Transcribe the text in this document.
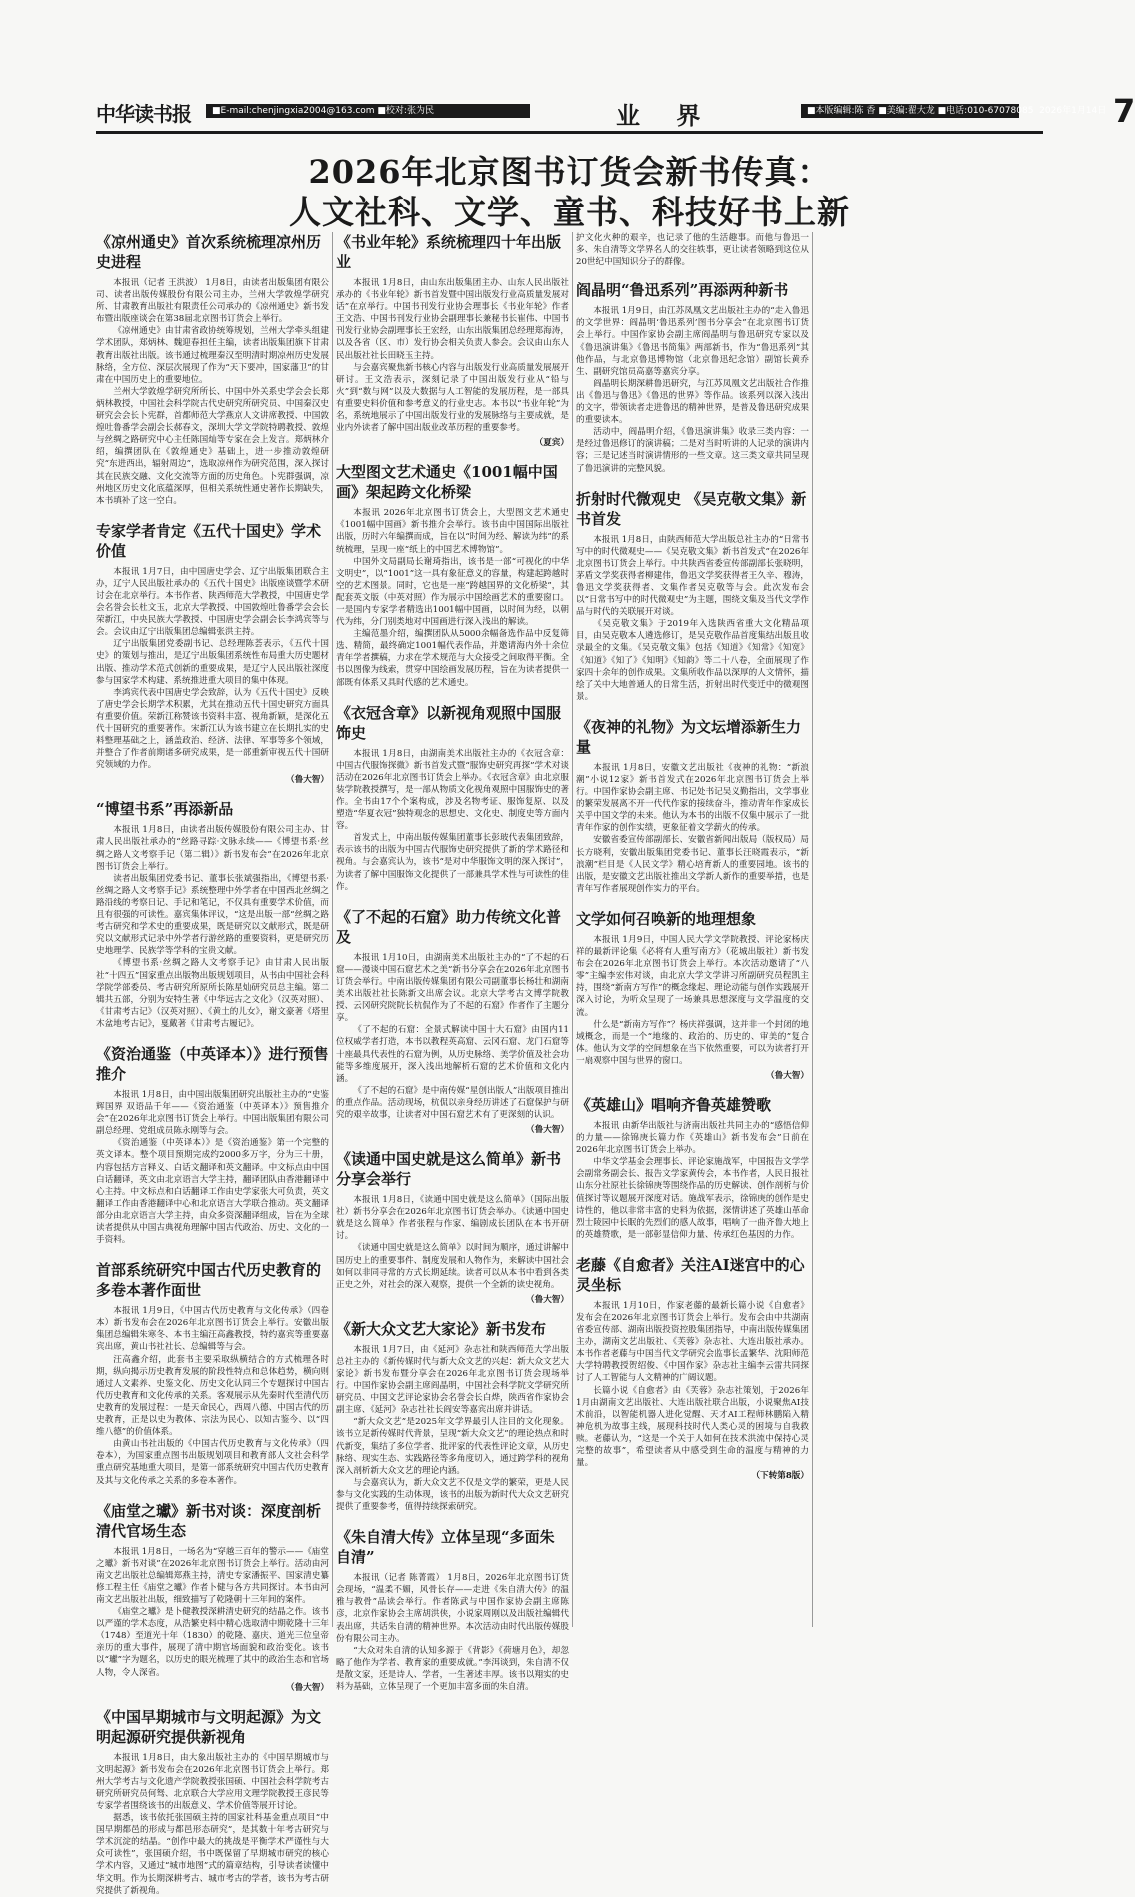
中华读书报	■E-mail:chenjingxia2004@163.com ■校对:张为民	业 界	■本版编辑:陈 香 ■美编:翟大龙 ■电话:010-67078085 2026年1月14日 7
2026年北京图书订货会新书传真：
人文社科、文学、童书、科技好书上新
《凉州通史》首次系统梳理凉州历史进程

本报讯（记者 王洪波） 1月8日，由读者出版集团有限公司、读者出版传媒股份有限公司主办，兰州大学敦煌学研究所、甘肃教育出版社有限责任公司承办的《凉州通史》新书发布暨出版座谈会在第38届北京图书订货会上举行。

《凉州通史》由甘肃省政协统筹规划，兰州大学牵头组建学术团队，郑炳林、魏迎春担任主编，读者出版集团旗下甘肃教育出版社出版。该书通过梳理秦汉至明清时期凉州历史发展脉络，全方位、深层次展现了作为“天下要冲，国家藩卫”的甘肃在中国历史上的重要地位。

兰州大学敦煌学研究所所长、中国中外关系史学会会长郑炳林教授，中国社会科学院古代史研究所研究员、中国秦汉史研究会会长卜宪群，首都师范大学燕京人文讲席教授、中国敦煌吐鲁番学会副会长郝春文，深圳大学文学院特聘教授、敦煌与丝绸之路研究中心主任陈国灿等专家在会上发言。郑炳林介绍，编撰团队在《敦煌通史》基础上，进一步推动敦煌研究“东进西出，辐射周边”，选取凉州作为研究范围，深入探讨其在民族交融、文化交流等方面的历史角色。卜宪群强调，凉州地区历史文化底蕴深厚，但相关系统性通史著作长期缺失，本书填补了这一空白。

专家学者肯定《五代十国史》学术价值

本报讯 1月7日，由中国唐史学会、辽宁出版集团联合主办，辽宁人民出版社承办的《五代十国史》出版座谈暨学术研讨会在北京举行。本书作者、陕西师范大学教授，中国唐史学会名誉会长杜文玉，北京大学教授、中国敦煌吐鲁番学会会长荣新江，中央民族大学教授、中国唐史学会副会长李鸿宾等与会。会议由辽宁出版集团总编辑张洪主持。

辽宁出版集团党委副书记、总经理陈荟表示，《五代十国史》的策划与推出，是辽宁出版集团系统性布局重大历史题材出版、推动学术范式创新的重要成果，是辽宁人民出版社深度参与国家学术构建、系统推进重大项目的集中体现。

李鸿宾代表中国唐史学会致辞，认为《五代十国史》反映了唐史学会长期学术积累，尤其在推动五代十国史研究方面具有重要价值。荣新江称赞该书资料丰富、视角新颖，是深化五代十国研究的重要著作。宋新江认为该书建立在长期扎实的史料整理基础之上，涵盖政治、经济、法律、军事等多个领域，并整合了作者前期诸多研究成果，是一部重新审视五代十国研究领域的力作。

（鲁大智）
“博望书系”再添新品

本报讯 1月8日，由读者出版传媒股份有限公司主办、甘肃人民出版社承办的“丝路寻踪·文脉永续——《博望书系·丝绸之路人文考察手记（第二辑）》新书发布会”在2026年北京图书订货会上举行。

读者出版集团党委书记、董事长张斌强指出，《博望书系·丝绸之路人文考察手记》系统整理中外学者在中国西北丝绸之路沿线的考察日记、手记和笔记，不仅具有重要学术价值，而且有很强的可读性。嘉宾集体评议，“这是出版一部“丝绸之路考古研究和学术史的重要成果，既是研究以文献形式，既是研究以文献形式记录中外学者行游丝路的重要资料，更是研究历史地理学、民族学等学科的宝贵文献。

《博望书系·丝绸之路人文考察手记》由甘肃人民出版社“十四五”国家重点出版物出版规划项目，从书由中国社会科学院学部委员、考古研究所原所长陈星灿研究员总主编。第二辑共五部，分别为安特生著《中华远古之文化》（汉英对照）、《甘肃考古记》（汉英对照）、《黄土的儿女》，谢文豪著《塔里木盆地考古记》，戛戴著《甘肃考古履记》。

《资治通鉴（中英译本）》进行预售推介

本报讯 1月8日，由中国出版集团研究出版社主办的“史鉴辉国界 双语品千年——《资治通鉴（中英译本）》预售推介会”在2026年北京图书订货会上举行。中国出版集团有限公司副总经理、党组成员陈永刚等与会。

《资治通鉴（中英译本）》是《资治通鉴》第一个完整的英文译本。整个项目预期完成约2000多万字，分为三十册，内容包括方言释义、白话文翻译和英文翻译。中文标点由中国白话翻译，英文由北京语言大学主持，翻译团队由香港翻译中心主持。中文标点和白话翻译工作由史学家张大可负责，英文翻译工作由香港翻译中心和北京语言大学联合推动。英文翻译部分由北京语言大学主持，由众多资深翻译组成，旨在为全球读者提供从中国古典视角理解中国古代政治、历史、文化的一手资料。

首部系统研究中国古代历史教育的多卷本著作面世

本报讯 1月9日，《中国古代历史教育与文化传承》（四卷本）新书发布会在2026年北京图书订货会上举行。安徽出版集团总编辑朱寒冬、本书主编汪高鑫教授，特约嘉宾等重要嘉宾出席，黄山书社社长、总编辑等与会。

汪高鑫介绍，此套书主要采取纵横结合的方式梳理各时期，纵向揭示历史教育发展的阶段性特点和总体趋势，横向则通过人文素养、史鉴文化、历史文化认同三个专题探讨中国古代历史教育和文化传承的关系。客观展示从先秦时代至清代历史教育的发展过程：一是天命民心，西周八德、中国古代的历史教育，正是以史为教体、宗法为民心、以知古鉴今、以“四维八德”的价值体系。

由黄山书社出版的《中国古代历史教育与文化传承》（四卷本），为国家重点图书出版规划项目和教育部人文社会科学重点研究基地重大项目，是第一部系统研究中国古代历史教育及其与文化传承之关系的多卷本著作。

《庙堂之瓛》新书对谈：深度剖析清代官场生态

本报讯 1月8日，一场名为“穿越三百年的警示——《庙堂之瓛》新书对谈”在2026年北京图书订货会上举行。活动由河南文艺出版社总编辑郑燕主持，清史专家潘振平、国家清史纂修工程主任《庙堂之瓛》作者卜健与各方共同探讨。本书由河南文艺出版社出版，细致描写了乾隆朝十三年间的案件。

《庙堂之瓛》是卜健教授深耕清史研究的结晶之作。该书以严谨的学术态度，从浩繁史料中精心选取清中期乾隆十三年（1748）至道光十年（1830）的乾隆、嘉庆、道光三位皇帝亲历的重大事件，展现了清中期官场面貌和政治变化。该书以“瓛”字为题名，以历史的眼光梳理了其中的政治生态和官场人物，令人深省。

（鲁大智）
《中国早期城市与文明起源》为文明起源研究提供新视角

本报讯 1月8日，由大象出版社主办的《中国早期城市与文明起源》新书发布会在2026年北京图书订货会上举行。郑州大学考古与文化遗产学院教授张国硕、中国社会科学院考古研究所研究员何驽、北京联合大学应用文理学院教授王彦民等专家学者围绕该书的出版意义、学术价值等展开讨论。

据悉，该书依托张国硕主持的国家社科基金重点项目“中国早期都邑的形成与都邑形态研究”，是其数十年考古研究与学术沉淀的结晶。“创作中最大的挑战是平衡学术严谨性与大众可读性”，张国硕介绍，书中既保留了早期城市研究的核心学术内容，又通过“城市地图”式的篇章结构，引导读者读懂中华文明。作为长期深耕考古、城市考古的学者，该书为考古研究提供了新视角。

《书业年轮》系统梳理四十年出版业

本报讯 1月8日，由山东出版集团主办、山东人民出版社承办的《书业年轮》新书首发暨中国出版发行业高质量发展对话”在京举行。中国书刊发行业协会理事长《书业年轮》作者王文浩、中国书刊发行业协会副理事长兼秘书长崔伟、中国书刊发行业协会副理事长王宏经，山东出版集团总经理郑海涛，以及各省（区、市）发行协会相关负责人参会。会议由山东人民出版社社长田晓玉主持。

与会嘉宾聚焦新书核心内容与出版发行业高质量发展展开研讨。王文浩表示，深刻记录了中国出版发行业从“铅与火”到“数与网”以及大数据与人工智能的发展历程，是一部具有重要史料价值和参考意义的行业史志。本书以“书业年轮”为名，系统地展示了中国出版发行业的发展脉络与主要成就，是业内外读者了解中国出版业改革历程的重要参考。

（夏宾）
大型图文艺术通史《1001幅中国画》架起跨文化桥梁

本报讯 2026年北京图书订货会上，大型图文艺术通史《1001幅中国画》新书推介会举行。该书由中国国际出版社出版，历时六年编撰而成，旨在以“时间为经、解读为纬”的系统梳理，呈现一座“纸上的中国艺术博物馆”。

中国外文局副局长谢琦指出，该书是一部“可视化的中华文明史”，以“1001”这一具有象征意义的容量，构建起跨越时空的艺术图景。同时，它也是一座“跨越国界的文化桥梁”，其配套英文版（中英对照）作为展示中国绘画艺术的重要窗口。一是国内专家学者精选出1001幅中国画，以时间为经，以朝代为纬，分门别类地对中国画进行深入浅出的解读。

主编范墨介绍，编撰团队从5000余幅备选作品中反复筛选、精简，最终确定1001幅代表作品，并邀请海内外十余位青年学者撰稿，力求在学术规范与大众接受之间取得平衡。全书以图像为线索，贯穿中国绘画发展历程，旨在为读者提供一部既有体系又具时代感的艺术通史。

《衣冠含章》以新视角观照中国服饰史

本报讯 1月8日，由湖南美术出版社主办的《衣冠含章：中国古代服饰探微》新书首发式暨“服饰史研究再探”学术对谈活动在2026年北京图书订货会上举办。《衣冠含章》由北京服装学院教授撰写，是一部从物质文化视角观照中国服饰史的著作。全书由17个个案构成，涉及名物考证、服饰复原、以及塑造“华夏衣冠”独特观念的思想史、文化史、制度史等方面内容。

首发式上，中南出版传媒集团董事长彭玻代表集团致辞，表示该书的出版为中国古代服饰史研究提供了新的学术路径和视角。与会嘉宾认为，该书“是对中华服饰文明的深入探讨”，为读者了解中国服饰文化提供了一部兼具学术性与可读性的佳作。

《了不起的石窟》助力传统文化普及

本报讯 1月10日，由湖南美术出版社主办的“了不起的石窟——漫谈中国石窟艺术之美”新书分享会在2026年北京图书订货会举行。中南出版传媒集团有限公司副董事长杨壮和湖南美术出版社社长陈新文出席会议。北京大学考古文博学院教授、云冈研究院院长杭侃作为了不起的石窟》作者作了主题分享。

《了不起的石窟：全景式解读中国十大石窟》由国内11位权威学者打造，本书以教程英高窟、云冈石窟、龙门石窟等十座最具代表性的石窟为例，从历史脉络、美学价值及社会功能等多维度展开，深入浅出地解析石窟的艺术价值和文化内涵。

《了不起的石窟》是中南传媒“星创出版人”出版项目推出的重点作品。活动现场，杭侃以亲身经历讲述了石窟保护与研究的艰辛故事，让读者对中国石窟艺术有了更深刻的认识。

（鲁大智）
《读通中国史就是这么简单》新书分享会举行

本报讯 1月8日，《读通中国史就是这么简单》（国际出版社）新书分享会在2026年北京图书订货会举办。《读通中国史就是这么简单》作者张程与作家、编剧成长团队在本书开研讨。

《读通中国史就是这么简单》以时间为顺序，通过讲解中国历史上的重要事件、制度发展和人物作为，来解读中国社会如何以非同寻常的方式长期延续。读者可以从本书中看到各类正史之外，对社会的深入观察，提供一个全新的读史视角。

（鲁大智）
《新大众文艺大家论》新书发布

本报讯 1月7日，由《延河》杂志社和陕西师范大学出版总社主办的《新传媒时代与新大众文艺的兴起：新大众文艺大家论》新书发布暨分享会在2026年北京图书订货会现场举行。中国作家协会副主席阎晶明，中国社会科学院文学研究所研究员、中国文艺评论家协会名誉会长白烨，陕西省作家协会副主席、《延河》杂志社社长阎安等嘉宾出席并讲话。

“新大众文艺”是2025年文学界最引人注目的文化现象。该书立足新传媒时代背景，呈现“新大众文艺”的理论热点和时代新变，集结了多位学者、批评家的代表性评论文章，从历史脉络、现实生态、实践路径等多角度切入，通过跨学科的视角深入剖析新大众文艺的理论内涵。

与会嘉宾认为，新大众文艺不仅是文学的繁荣，更是人民参与文化实践的生动体现，该书的出版为新时代大众文艺研究提供了重要参考，值得持续探索研究。

《朱自清大传》立体呈现“多面朱自清”

本报讯（记者 陈菁霞） 1月8日，2026年北京图书订货会现场，“温柔不媚，风骨长存——走进《朱自清大传》的温雅与教骨”品读会举行。作者陈武与中国作家协会副主席陈彦，北京作家协会主席胡洪侠，小说家周刚以及出版社编辑代表出席，共话朱自清的精神世界。本次活动由时代出版传媒股份有限公司主办。

“大众对朱自清的认知多源于《背影》《荷塘月色》，却忽略了他作为学者、教育家的重要成就。”李洱谈到，朱自清不仅是散文家，还是诗人、学者，一生著述丰厚。该书以翔实的史料为基础，立体呈现了一个更加丰富多面的朱自清。

护文化火种的艰辛，也记录了他的生活趣事。而他与鲁迅一多、朱自清等文学界名人的交往轶事，更让读者领略到这位从20世纪中国知识分子的群像。

阎晶明“鲁迅系列”再添两种新书

本报讯 1月9日，由江苏凤凰文艺出版社主办的“走入鲁迅的文学世界：阎晶明‘鲁迅系列’图书分享会”在北京图书订货会上举行。中国作家协会副主席阎晶明与鲁迅研究专家以及《鲁迅演讲集》《鲁迅书简集》两部新书，作为“鲁迅系列”其他作品，与北京鲁迅博物馆（北京鲁迅纪念馆）副馆长黄乔生、副研究馆员高嘉等嘉宾分享。

阎晶明长期深耕鲁迅研究，与江苏凤凰文艺出版社合作推出《鲁迅与鲁迅》《鲁迅的世界》等作品。该系列以深入浅出的文字，带领读者走进鲁迅的精神世界，是普及鲁迅研究成果的重要读本。

活动中，阎晶明介绍，《鲁迅演讲集》收录三类内容：一是经过鲁迅修订的演讲稿；二是对当时听讲的人记录的演讲内容；三是记述当时演讲情形的一些文章。这三类文章共同呈现了鲁迅演讲的完整风貌。

折射时代微观史 《吴克敬文集》新书首发

本报讯 1月8日，由陕西师范大学出版总社主办的“日常书写中的时代微观史——《吴克敬文集》新书首发式”在2026年北京图书订货会上举行。中共陕西省委宣传部副部长张晓明，茅盾文学奖获得者柳建伟，鲁迅文学奖获得者王久辛、穆涛，鲁迅文学奖获得者、文集作者吴克敬等与会。此次发布会以“日常书写中的时代微观史”为主题，围绕文集及当代文学作品与时代的关联展开对谈。

《吴克敬文集》于2019年入选陕西省重大文化精品项目，由吴克敬本人遴选修订，是吴克敬作品首度集结出版且收录最全的文集。《吴克敬文集》包括《知道》《知常》《知宽》《知道》《知了》《知明》《知韵》等二十八卷，全面展现了作家四十余年的创作成果。文集所收作品以深厚的人文情怀，描绘了关中大地普通人的日常生活，折射出时代变迁中的微观图景。

《夜神的礼物》为文坛增添新生力量

本报讯 1月8日，安徽文艺出版社《夜神的礼物：“新浪潮”小说12家》新书首发式在2026年北京图书订货会上举行。中国作家协会副主席、书记处书记吴义勤指出，文学事业的繁荣发展离不开一代代作家的接续奋斗，推动青年作家成长关乎中国文学的未来。他认为本书的出版不仅集中展示了一批青年作家的创作实绩，更象征着文学薪火的传承。

安徽省委宣传部副部长、安徽省新闻出版局（版权局）局长方晓利，安徽出版集团党委书记、董事长汪晓霞表示，“新浪潮”栏目是《人民文学》精心培育新人的重要园地。该书的出版，是安徽文艺出版社推出文学新人新作的重要举措，也是青年写作者展现创作实力的平台。

文学如何召唤新的地理想象

本报讯 1月9日，中国人民大学文学院教授、评论家杨庆祥的最新评论集《必将有人重写南方》（花城出版社）新书发布会在2026年北京图书订货会上举行。本次活动邀请了“八零”主编李宏伟对谈，由北京大学文学讲习所副研究员程凯主持，围绕“新南方写作”的概念缘起、理论动能与创作实践展开深入讨论，为听众呈现了一场兼具思想深度与文学温度的交流。

什么是“新南方写作”？杨庆祥强调，这并非一个封闭的地域概念，而是一个“地缘的、政治的、历史的、审美的”复合体。他认为文学的空间想象在当下依然重要，可以为读者打开一扇观察中国与世界的窗口。

（鲁大智）
《英雄山》唱响齐鲁英雄赞歌

本报讯 由新华出版社与济南出版社共同主办的“感悟信仰的力量——徐锦庚长篇力作《英雄山》新书发布会”日前在2026年北京图书订货会上举办。

中华文学基金会理事长、评论家施战军，中国报告文学学会副常务副会长、报告文学家黄传会，本书作者，人民日报社山东分社原社长徐锦庚等围绕作品的历史解读、创作剖析与价值探讨等议题展开深度对话。施战军表示，徐锦庚的创作是史诗性的，他以非常丰富的史料为依据，深情讲述了英雄山革命烈士陵园中长眠的先烈们的感人故事，唱响了一曲齐鲁大地上的英雄赞歌，是一部彰显信仰力量、传承红色基因的力作。

老藤《自愈者》关注AI迷宫中的心灵坐标

本报讯 1月10日，作家老藤的最新长篇小说《自愈者》发布会在2026年北京图书订货会上举行。发布会由中共湖南省委宣传部、湖南出版投资控股集团指导，中南出版传媒集团主办，湖南文艺出版社、《芙蓉》杂志社、大连出版社承办。本书作者老藤与中国当代文学研究会监事长孟繁华、沈阳师范大学特聘教授贺绍俊、《中国作家》杂志社主编李云雷共同探讨了人工智能与人文精神的广阔议题。

长篇小说《自愈者》由《芙蓉》杂志社策划，于2026年1月由湖南文艺出版社、大连出版社联合出版，小说聚焦AI技术前沿，以智能机器人进化觉醒、天才AI工程师林鹏陷入精神危机为故事主线，展现科技时代人类心灵的困境与自我救赎。老藤认为，“这是一个关于人如何在技术洪流中保持心灵完整的故事”，希望读者从中感受到生命的温度与精神的力量。

（下转第8版）
